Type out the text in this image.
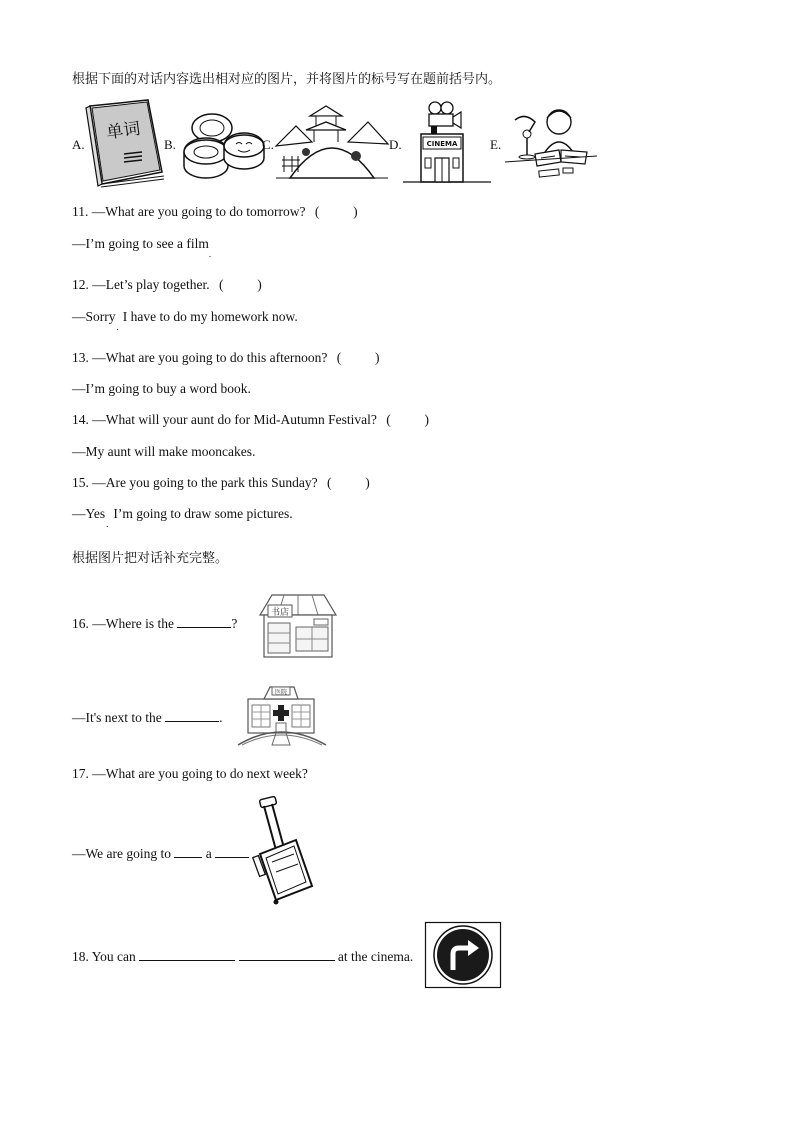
根据下面的对话内容选出相对应的图片，并将图片的标号写在题前括号内。
A.
单词
B.	C.	D.	CINEMA	E.
11. —What are you going to do tomorrow? (          )
—I’m going to see a film$_.$
12. —Let’s play together. (          )
—Sorry$_.$I have to do my homework now.
13. —What are you going to do this afternoon? (          )
—I’m going to buy a word book.
14. —What will your aunt do for Mid-Autumn Festival? (          )
—My aunt will make mooncakes.
15. —Are you going to the park this Sunday? (          )
—Yes$_.$I’m going to draw some pictures.
根据图片把对话补充完整。
16. —Where is the	?
书店
—It's next to the	.
医院
17. —What are you going to do next week?
—We are going to	a
18. You can	at the cinema.
